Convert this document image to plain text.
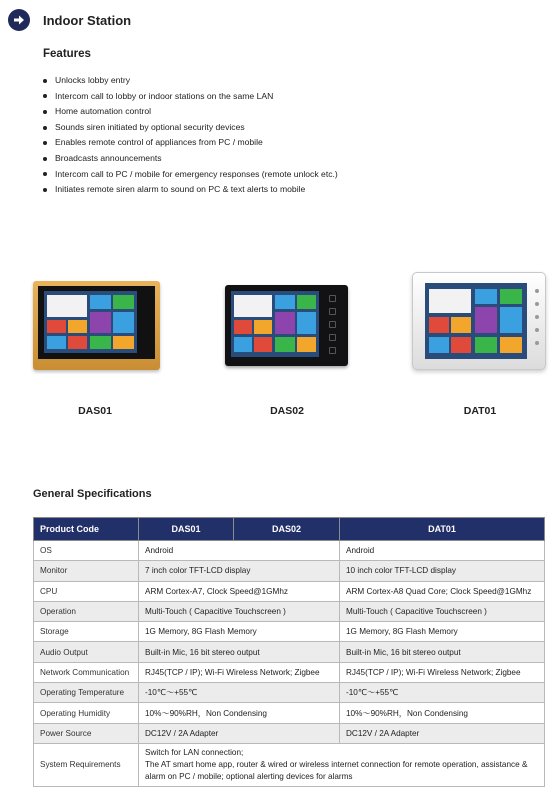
Indoor Station
Features
Unlocks lobby entry
Intercom call to lobby or indoor stations on the same LAN
Home automation control
Sounds siren initiated by optional security devices
Enables remote control of appliances from PC / mobile
Broadcasts announcements
Intercom call to PC / mobile for emergency responses (remote unlock etc.)
Initiates remote siren alarm to sound on PC & text alerts to mobile
DAS01	DAS02	DAT01
General Specifications
Product Code	DAS01	DAS02	DAT01
OS	Android		Android
Monitor	7 inch color TFT-LCD display		10 inch color TFT-LCD display
CPU	ARM Cortex-A7, Clock Speed@1GMhz		ARM Cortex-A8 Quad Core; Clock Speed@1GMhz
Operation	Multi-Touch ( Capacitive Touchscreen )		Multi-Touch ( Capacitive Touchscreen )
Storage	1G Memory, 8G Flash Memory		1G Memory, 8G Flash Memory
Audio Output	Built-in Mic, 16 bit stereo output		Built-in Mic, 16 bit stereo output
Network Communication	RJ45(TCP / IP); Wi-Fi Wireless Network; Zigbee		RJ45(TCP / IP); Wi-Fi Wireless Network; Zigbee
Operating Temperature	-10℃～+55℃		-10℃～+55℃
Operating Humidity	10%～90%RH，Non Condensing		10%～90%RH，Non Condensing
Power Source	DC12V / 2A Adapter		DC12V / 2A Adapter
System Requirements	Switch for LAN connection;
The AT smart home app, router & wired or wireless internet connection for remote operation, assistance & alarm on PC / mobile; optional alerting devices for alarms		
